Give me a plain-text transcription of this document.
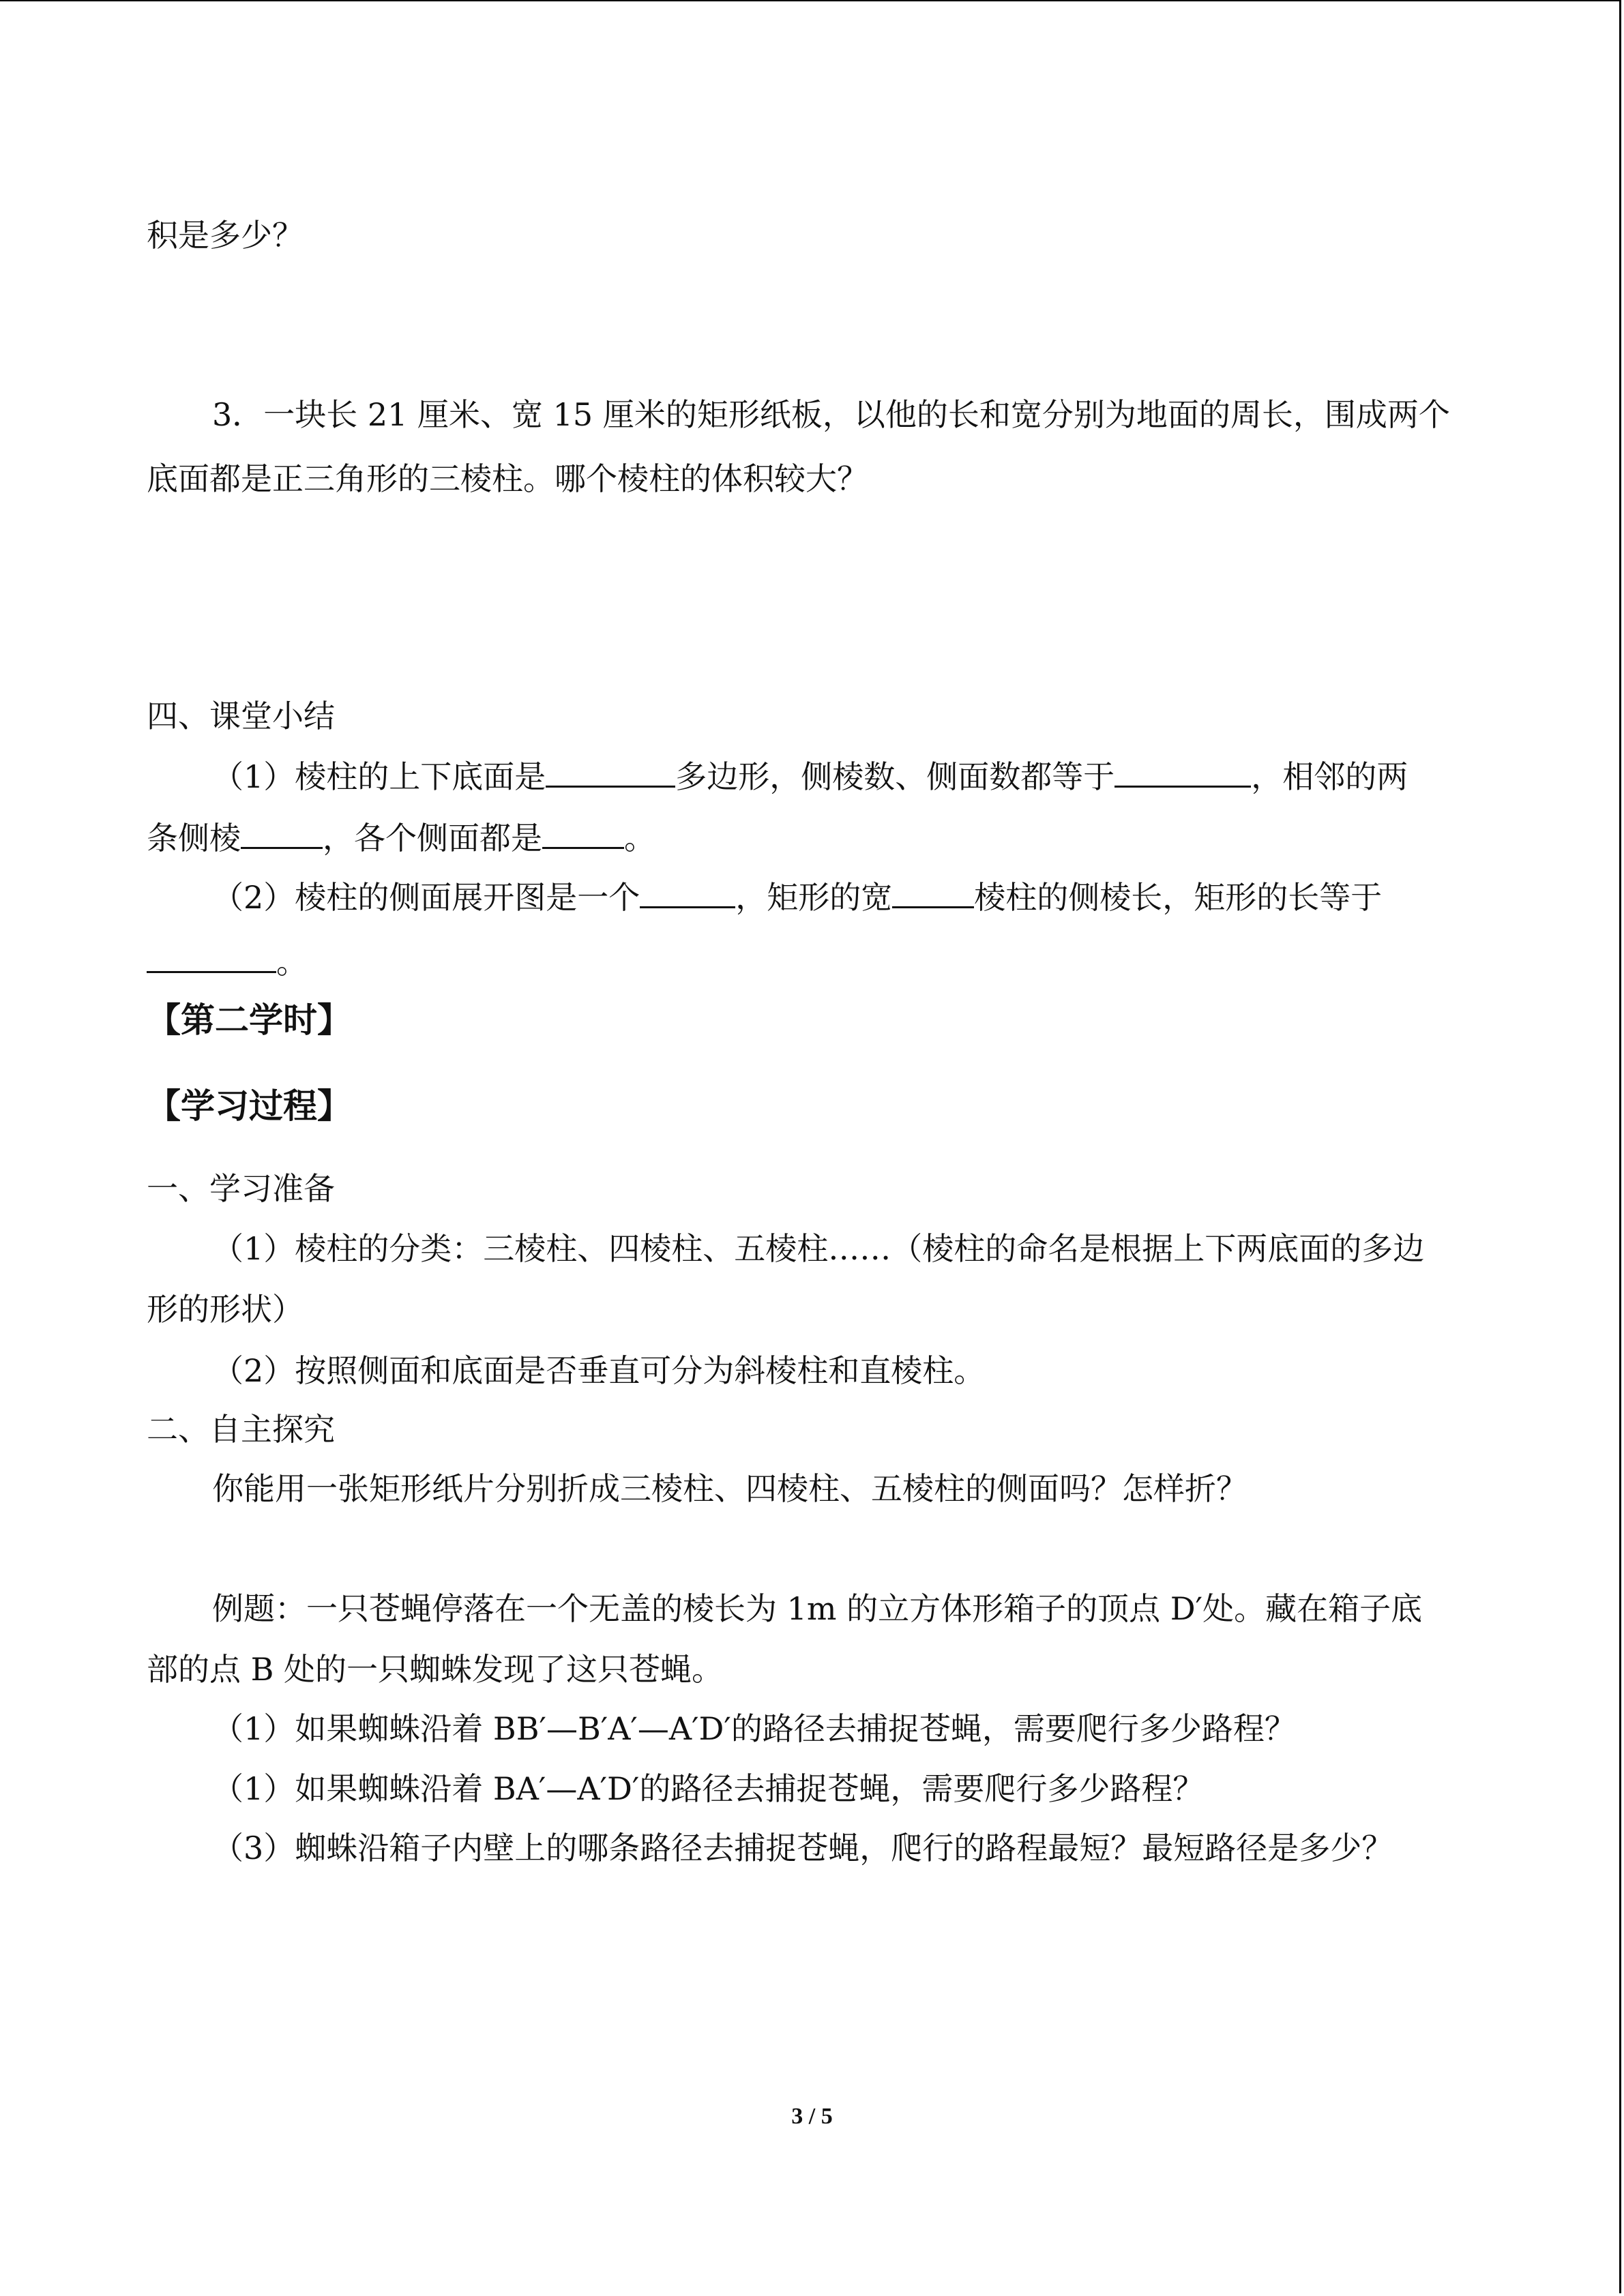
积是多少？
3．一块长 21 厘米、宽 15 厘米的矩形纸板，以他的长和宽分别为地面的周长，围成两个
底面都是正三角形的三棱柱。哪个棱柱的体积较大？
四、课堂小结
（1）棱柱的上下底面是	多边形，侧棱数、侧面数都等于	，相邻的两
条侧棱	，各个侧面都是	。
（2）棱柱的侧面展开图是一个	，矩形的宽	棱柱的侧棱长，矩形的长等于
。
【第二学时】
【学习过程】
一、学习准备
（1）棱柱的分类：三棱柱、四棱柱、五棱柱……（棱柱的命名是根据上下两底面的多边
形的形状）
（2）按照侧面和底面是否垂直可分为斜棱柱和直棱柱。
二、自主探究
你能用一张矩形纸片分别折成三棱柱、四棱柱、五棱柱的侧面吗？怎样折？
例题：一只苍蝇停落在一个无盖的棱长为 1m 的立方体形箱子的顶点 D′处。藏在箱子底
部的点 B 处的一只蜘蛛发现了这只苍蝇。
（1）如果蜘蛛沿着 BB′—B′A′—A′D′的路径去捕捉苍蝇，需要爬行多少路程？
（1）如果蜘蛛沿着 BA′—A′D′的路径去捕捉苍蝇，需要爬行多少路程？
（3）蜘蛛沿箱子内壁上的哪条路径去捕捉苍蝇，爬行的路程最短？最短路径是多少？
3 / 5
